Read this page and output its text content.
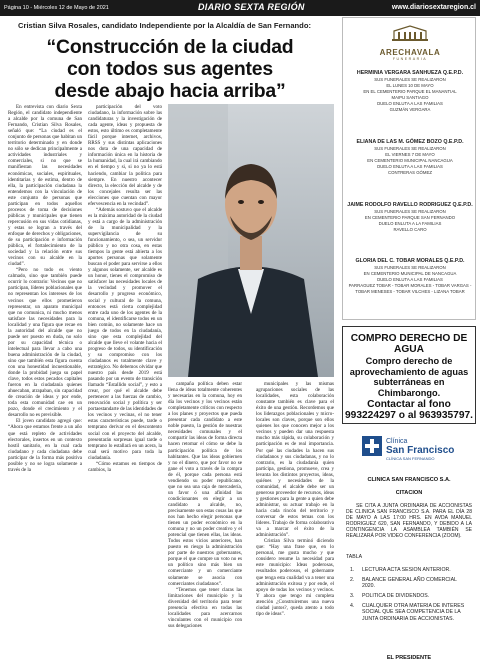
Página 10 - Miércoles 12 de Mayo de 2021	DIARIO SEXTA REGIÓN	www.diariosextaregion.cl
Cristian Silva Rosales, candidato Independiente por la Alcaldía de San Fernando:
“Construcción de la ciudad
con todos sus agentes
desde abajo hacia arriba”

En entrevista con diario Sexta Región, el candidato independiente a alcalde por la comuna de San Fernando, Cristian Silva Rosales, señaló que: “La ciudad es el conjunto de personas que habitan un territorio determinado y en donde no sólo se dedican principalmente a actividades industriales y comerciales, si no que se manifiestan las necesidades económicas, sociales, espirituales, identitarias y de estima, dentro de ella, la participación ciudadana la entendemos con la vinculación de este conjunto de personas que participan en todos aquellos procesos de toma de decisiones públicas y municipales que tienen repercusión en sus vidas cotidianas, y estas se logran a través del enfoque de derechos y obligaciones, de su participación e información pública, el fortalecimiento de la sociedad y la relación entre sus vecinos con su alcalde en la ciudad”.

“Pero no todo es viento calmado, sino que también puede ocurrir lo contrario: Vecinos que no participan, líderes poblacionales que no representan los intereses de los vecinos que ellos prometieron representar, un aparato municipal que no comunica, ni mucho menos satisface las necesidades para la localidad y una figura que recae en la autoridad del alcalde que no puede ser puesto en duda, no solo por su capacidad técnica o intelectual para llevar a cabo una buena administración de la ciudad, sino que también esta figura cuenta con una honestidad incuestionable, donde la probidad juega su papel clave, todos estos pecados capitales fueron en la ciudadanía quienes ahuecaban, atrapaban, sin capacidad de creación de ideas y por ende, toda esta comunidad cae en un pozo, donde el crecimiento y el desarrollo no es previsible.

El joven candidato agregó que: “Ahora que estamos frente a un año que está repleto de actividades electorales, insertos en un contexto hostil sanitario, en la cual cada ciudadano y cada ciudadana debe participar de la forma más positiva posible y no se logra solamente a través de la

participación del voto ciudadano, la información sobre las candidaturas y la investigación de cada agente, ideas y propuesta de estos, esto último es completamente fácil porque internet, archivos, RRSS y sus distintas aplicaciones nos dota de una capacidad de información única en la historia de la humanidad, la cual irá cambiando en el tiempo y si, si no ya lo está haciendo, cambiar la política para siempre. En nuestro acontecer directo, la elección del alcalde y de los concejales resulta ser las elecciones que cuentan con mayor efervescencia en la vecindad”.

“Además sostuvo que el alcalde es la máxima autoridad de la ciudad y está a cargo de la administración de la municipalidad y la supervigilancia de su funcionamiento, o sea, un servidor público y no otra cosa, en estas tiempos la gente está abierta a los aportes personas que solamente buscan el poder para servirse a ellos y algunos solamente, ser alcalde es un honor, tienes el compromiso de satisfacer las necesidades locales de la vecindad y promover el desarrollo y progreso económico, social y cultural de la comuna, entonces está cierta complejidad entre cada uno de los agentes de la comuna, el identificarse todos en un bien común, no solamente hace un juego de todos en la ciudadanía, sino que esta complejidad del alcalde que lleve el volante hacia el progreso de todos, su identificación y su compromiso con los ciudadanos es totalmente clave y estratégico. No debemos olvidar que nuestro país desde 2019 está pasando por un evento de transición llamado “Estallido social”, y esto a crear, por qué el alcalde debe pertenecer a las fuerzas de cambio, renovación social y política y ser portaestandarte de las identidades de los vecinos y vecinas, el no tener estas características puede, tarde o temprano derivar en el descontento social con el proyecto del alcalde, presentarán sorpresas igual tarde o temprano lo estallará en un acera, la cual será motivo para toda la ciudadanía.

“Cómo estamos en tiempos de cambios, la

campaña política deben estar llena de ideas totalmente coherentes y necesarias en la comuna, hoy en día los vecinos y los vecinos están completamente críticos con respecto a los planes y proyectos que pueda presentar cada candidato a este noble puesto, la gestión de nuestras necesidades comunales y el compartir las ideas de forma directa hacen retomar el cómo se debe la participación política de los habitantes. Que las ideas gobiernen y no el dinero, que por favor no se gane el voto a través de la compra de él, porque cada persona está vendiendo su poder republicano, que no sea una caja de mercadería, un favor ó una afinidad las condicionantes en elegir a un candidato a alcalde, no, precisamente son estas cosas las que nos han hecho elegir personas que tienen un poder económico en la comuna y no un poder creativo y el potencial que tienen ellas, las ideas. Todos estos vicios anteriores, han puesto en riesgo la administración por parte de nuestros gobernantes, porque el que compre un voto no es un político sino más bien un comerciante y un comerciante solamente se asocia con comerciantes ciudadanos”.

“Tenemos que tener claras las limitaciones del municipio y la diversidad del territorio para tener presencia efectiva en todas las localidades para acercarnos vinculantes con el municipio con sus delegaciones

municipales y las mismas agrupaciones sociales de las localidades, esta colaboración constante también es clave para el éxito de una gestión. Recordemos que los liderazgos poblacionales y micro-locales son claves, porque son ellos quienes los que conocen mejor a los vecinos y pueden dar una respuesta mucho más rápida, su colaboración y participación es de real importancia. Por qué las ciudades la hacen sus ciudadanos y sus ciudadanas, y no lo contrario, es la ciudadanía quien participa, gestiona, promueve, crea y levanta los distintos proyectos, ideas, quiénes y necesidades de la comunidad, el alcalde debe ser un generoso proveedor de recursos, ideas y gestiones para la gente a quien debe administrar, su actuar trabajo en la hacia cada rincón del territorio y conversar de estos temas con los líderes. Trabajo de forma colaborativa va a marcar el éxito de la administración”.

Cristian Silva terminó diciendo que: “Hay una frase que, en lo personal, me gusta mucho y que considero resume la necesidad para este municipio: Ideas poderosas, resultados poderosos, el gobernante que tenga esta cualidad va a tener una administración exitosa y por ende, el apoyo de todas los vecinos y vecinos. Y ahora que tengo mi completa atención ¿Construiremos una nueva ciudad juntos?, queda atento a todo tipo de ideas”.

ARECHAVALA
FUNERARIA
HERMINIA VERGARA SANHUEZA Q.E.P.D.
SUS FUNERALES SE REALIZARON
EL LUNES 10 DE MAYO
EN EL CEMENTERIO PARQUE EL MANANTIAL
MAIPU SANTIAGO
DUELO ENLUTA A LAS FAMILIAS
GUZMÁN VERGARA
ELIANA DE LAS M. GÓMEZ BOZO Q.E.P.D.
SUS FUNERALES SE REALIZARON
EL VIERNES 7 DE MAYO
EN CEMENTERIO MUNICIPAL NANCAGUA
DUELO ENLUTA A LAS FAMILIAS
CONTRERAS GÓMEZ
JAIME RODOLFO RAVELLO RODRIGUEZ Q.E.P.D.
SUS FUNERALES SE REALIZARON
EN CEMENTERIO PARQUE SAN FERNANDO
DUELO ENLUTA A LA FAMILIAS
RAVELLO CARO
GLORIA DEL C. TOBAR MORALES Q.E.P.D.
SUS FUNERALES SE REALIZARON
EN CEMENTERIO MUNICIPAL DE NANCAGUA
DUELO ENLUTA A LAS FAMILIAS
PARRAGUEZ TOBAR - TOBAR MORALES - TOBAR VARGAS -
TOBAR MENESES - TOBAR VILCHES - LIZANA TOBAR
COMPRO DERECHO DE AGUA
Compro derecho de aprovechamiento de aguas subterráneas en Chimbarongo.
Contactar al fono 993224297 o al 963935797.
Clínica
San Francisco
CLÍNICA SAN FERNANDO
CLINICA SAN FRANCISCO S.A.
CITACION
SE CITA A JUNTA ORDINARIA DE ACCIONISTAS DE CLINICA SAN FRANCISCO S.A. PARA EL DÍA 28 DE MAYO A LAS 17:00 HRS. EN AVDA MANUEL RODRIGUEZ 620, SAN FERNANDO, Y DEBIDO A LA CONTINGENCIA LA ASAMBLEA TAMBIÉN SE REALIZARÁ POR VIDEO CONFERENCIA (ZOOM).
TABLA
1. LECTURA ACTA SESION ANTERIOR.
2. BALANCE GENERAL AÑO COMERCIAL 2020.
3. POLITICA DE DIVIDENDOS.
4. CUALQUIER OTRA MATERIA DE INTERES SOCIAL QUE SEA COMPETENCIA DE LA JUNTA ORDINARIA DE ACCIONISTAS.
EL PRESIDENTE
